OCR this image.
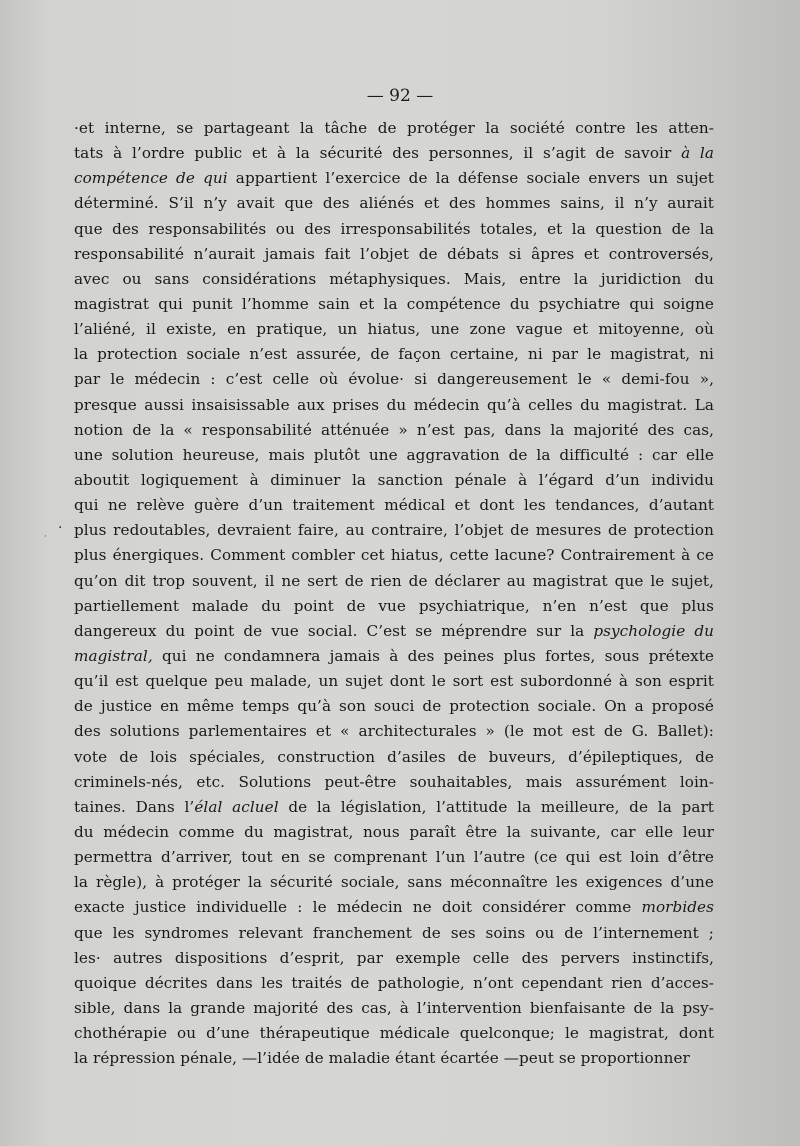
— 92 —
.
·
·et interne, se partageant la tâche de protéger la société contre les atten-
tats à l’ordre public et à la sécurité des personnes, il s’agit de savoir à la
compétence de qui appartient l’exercice de la défense sociale envers un sujet
déterminé. S’il n’y avait que des aliénés et des hommes sains, il n’y aurait
que des responsabilités ou des irresponsabilités totales, et la question de la
responsabilité n’aurait jamais fait l’objet de débats si âpres et controversés,
avec ou sans considérations métaphysiques. Mais, entre la juridiction du
magistrat qui punit l’homme sain et la compétence du psychiatre qui soigne
l’aliéné, il existe, en pratique, un hiatus, une zone vague et mitoyenne, où
la protection sociale n’est assurée, de façon certaine, ni par le magistrat, ni
par le médecin : c’est celle où évolue· si dangereusement le « demi-fou »,
presque aussi insaisissable aux prises du médecin qu’à celles du magistrat. La
notion de la « responsabilité atténuée » n’est pas, dans la majorité des cas,
une solution heureuse, mais plutôt une aggravation de la difficulté : car elle
aboutit logiquement à diminuer la sanction pénale à l’égard d’un individu
qui ne relève guère d’un traitement médical et dont les tendances, d’autant
plus redoutables, devraient faire, au contraire, l’objet de mesures de protection
plus énergiques. Comment combler cet hiatus, cette lacune? Contrairement à ce
qu’on dit trop souvent, il ne sert de rien de déclarer au magistrat que le sujet,
partiellement malade du point de vue psychiatrique, n’en n’est que plus
dangereux du point de vue social. C’est se méprendre sur la psychologie du
magistral, qui ne condamnera jamais à des peines plus fortes, sous prétexte
qu’il est quelque peu malade, un sujet dont le sort est subordonné à son esprit
de justice en même temps qu’à son souci de protection sociale. On a proposé
des solutions parlementaires et « architecturales » (le mot est de G. Ballet):
vote de lois spéciales, construction d’asiles de buveurs, d’épileptiques, de
criminels-nés, etc. Solutions peut-être souhaitables, mais assurément loin-
taines. Dans l’élal acluel de la législation, l’attitude la meilleure, de la part
du médecin comme du magistrat, nous paraît être la suivante, car elle leur
permettra d’arriver, tout en se comprenant l’un l’autre (ce qui est loin d’être
la règle), à protéger la sécurité sociale, sans méconnaître les exigences d’une
exacte justice individuelle : le médecin ne doit considérer comme morbides
que les syndromes relevant franchement de ses soins ou de l’internement ;
les· autres dispositions d’esprit, par exemple celle des pervers instinctifs,
quoique décrites dans les traités de pathologie, n’ont cependant rien d’acces-
sible, dans la grande majorité des cas, à l’intervention bienfaisante de la psy-
chothérapie ou d’une thérapeutique médicale quelconque; le magistrat, dont
la répression pénale, —l’idée de maladie étant écartée —peut se proportionner
